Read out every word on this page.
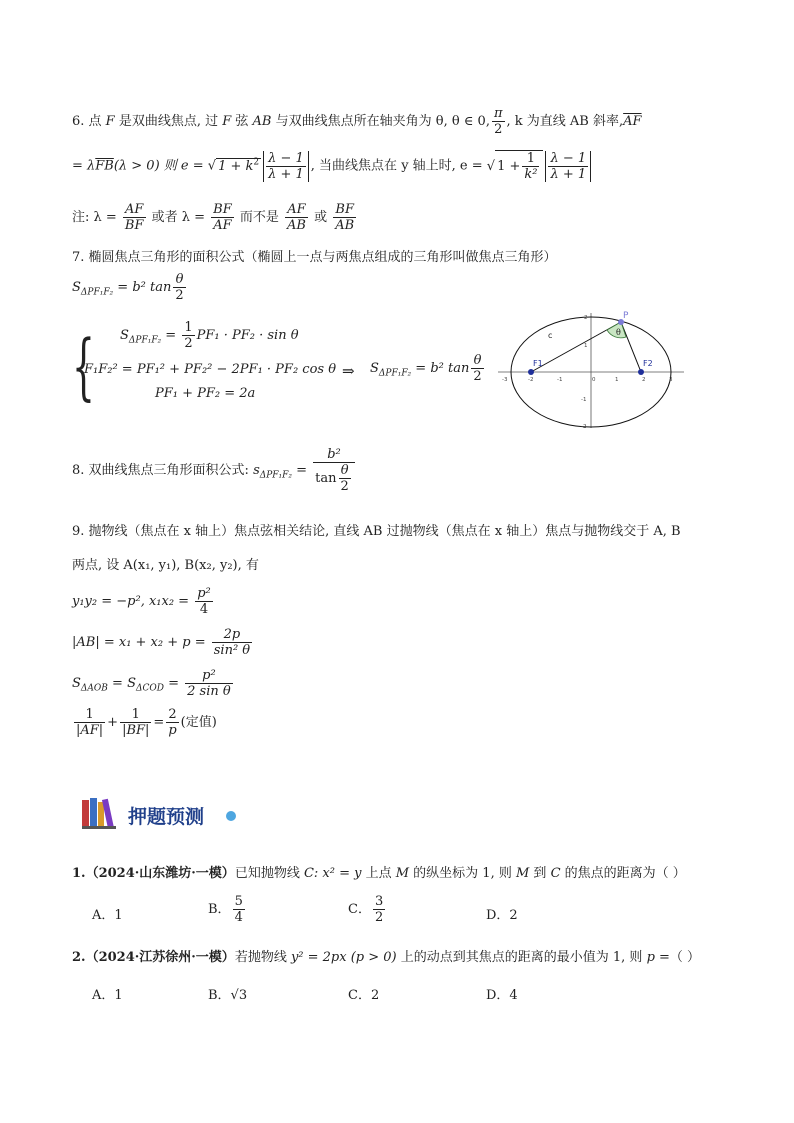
6. 点 F 是双曲线焦点, 过 F 弦 AB 与双曲线焦点所在轴夹角为 θ, θ ∈ 0, $\frac{\pi}{2}$ , k 为直线 AB 斜率$,\overline{AF}$
= $\lambda\overline{FB}(\lambda > 0)$ 则 e = √ $1 + k^2 \frac{\lambda - 1}{\lambda + 1}$ , 当曲线焦点在 y 轴上时, e = √ $1 + \frac{1}{\text{k²}} \frac{\lambda - 1}{\lambda + 1}$
注: $\lambda = \frac{AF}{BF}$ 或者 $\lambda = \frac{BF}{AF}$ 而不是 $\frac{AF}{AB}$ 或 $\frac{BF}{AB}$
7. 椭圆焦点三角形的面积公式（椭圆上一点与两焦点组成的三角形叫做焦点三角形）
$S_{\Delta PF_1F_2} = b^2$ $\tan \frac{\theta}{2}$
{ $S_{\Delta PF_1F_2} = \frac{1}{2} PF_1 \cdot PF_2 \cdot \sin \theta$
F₁F₂² = PF₁² + PF₂² − 2PF₁ · PF₂ cos θ
PF₁ + PF₂ = 2a
⇒ $S_{\Delta PF_1F_2} = b^2$ $\tan \frac{\theta}{2}$
P
θ
c
F1	F2
-3	-2	-1	0	1	2	3
2
1
-1
-2
8. 双曲线焦点三角形面积公式: $s_{\Delta PF_1F_2} = \frac{\text{b²}}{\tan \frac{\theta}{2}}$
9. 抛物线（焦点在 x 轴上）焦点弦相关结论, 直线 AB 过抛物线（焦点在 x 轴上）焦点与抛物线交于 A, B
两点, 设 A(x₁, y₁), B(x₂, y₂), 有
y₁y₂ = −p², $x_1x_2 = \frac{\text{p²}}{4}$
$|AB| = x_1 + x_2 + p = \frac{2p}{\text{sin² θ}}$
$S_{\Delta AOB} = S_{\Delta COD} = \frac{\text{p²}}{\text{2 sin θ}}$
$\frac{1}{|AF|} + \frac{1}{|BF|} = \frac{2}{p}$ (定值)
押题预测
1.（2024·山东潍坊·一模）已知抛物线 C: x² = y 上点 M 的纵坐标为 1, 则 M 到 C 的焦点的距离为（ ）
A．1	B． $\frac{5}{4}$	C． $\frac{3}{2}$	D．2
2.（2024·江苏徐州·一模）若抛物线 y² = 2px (p > 0) 上的动点到其焦点的距离的最小值为 1, 则 p =（ ）
A．1	B．√3	C．2	D．4
